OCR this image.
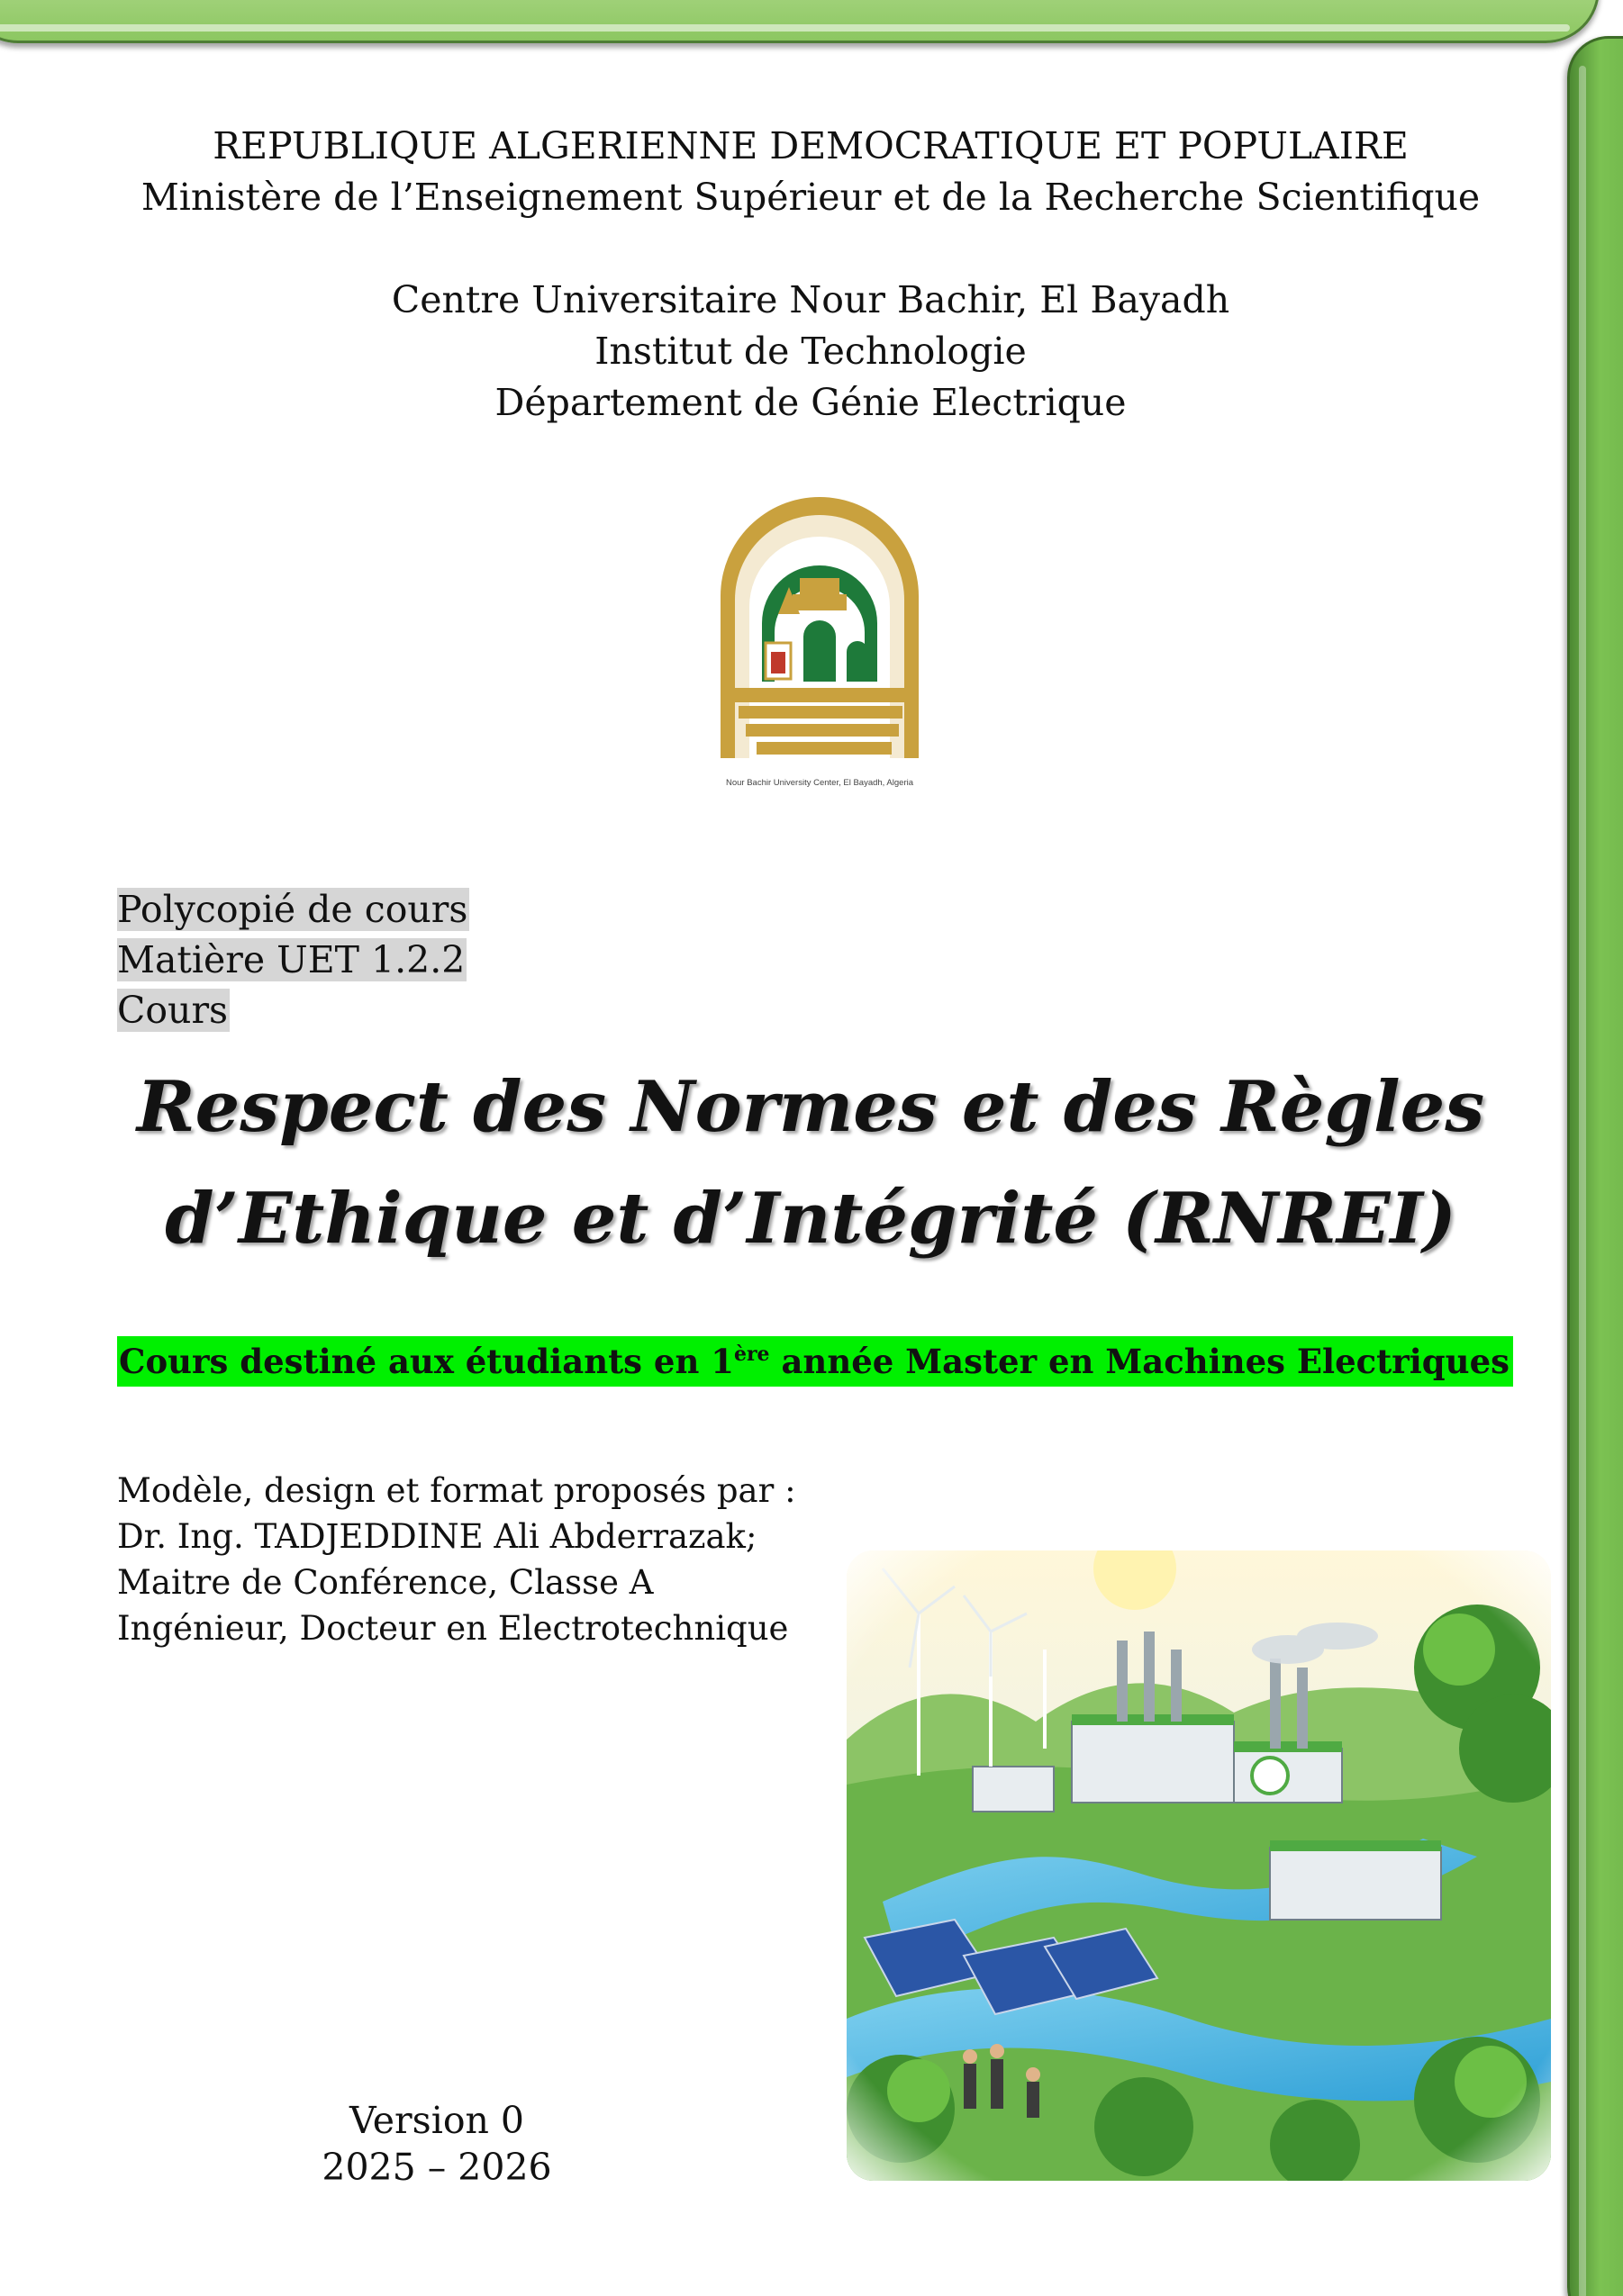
REPUBLIQUE ALGERIENNE DEMOCRATIQUE ET POPULAIRE
Ministère de l’Enseignement Supérieur et de la Recherche Scientifique
Centre Universitaire Nour Bachir, El Bayadh
Institut de Technologie
Département de Génie Electrique
Nour Bachir University Center, El Bayadh, Algeria
Polycopié de cours
Matière UET 1.2.2
Cours
Respect des Normes et des Règles
d’Ethique et d’Intégrité (RNREI)
Cours destiné aux étudiants en 1ère année Master en Machines Electriques
Modèle, design et format proposés par :
Dr. Ing. TADJEDDINE Ali Abderrazak;
Maitre de Conférence, Classe A
Ingénieur, Docteur en Electrotechnique
Version 0
2025 – 2026
